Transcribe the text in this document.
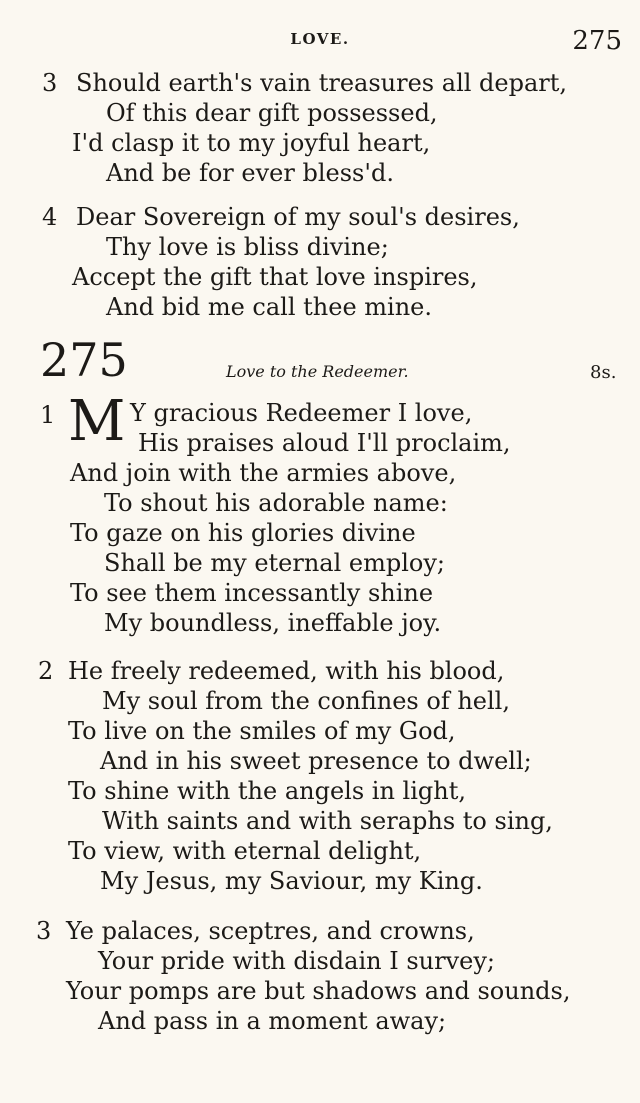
LOVE.	275
3 Should earth's vain treasures all depart,
Of this dear gift possessed,
I'd clasp it to my joyful heart,
And be for ever bless'd.
4 Dear Sovereign of my soul's desires,
Thy love is bliss divine;
Accept the gift that love inspires,
And bid me call thee mine.
275	Love to the Redeemer.	8s.
1 M Y gracious Redeemer I love,
His praises aloud I'll proclaim,
And join with the armies above,
To shout his adorable name:
To gaze on his glories divine
Shall be my eternal employ;
To see them incessantly shine
My boundless, ineffable joy.
2 He freely redeemed, with his blood,
My soul from the confines of hell,
To live on the smiles of my God,
And in his sweet presence to dwell;
To shine with the angels in light,
With saints and with seraphs to sing,
To view, with eternal delight,
My Jesus, my Saviour, my King.
3 Ye palaces, sceptres, and crowns,
Your pride with disdain I survey;
Your pomps are but shadows and sounds,
And pass in a moment away;
